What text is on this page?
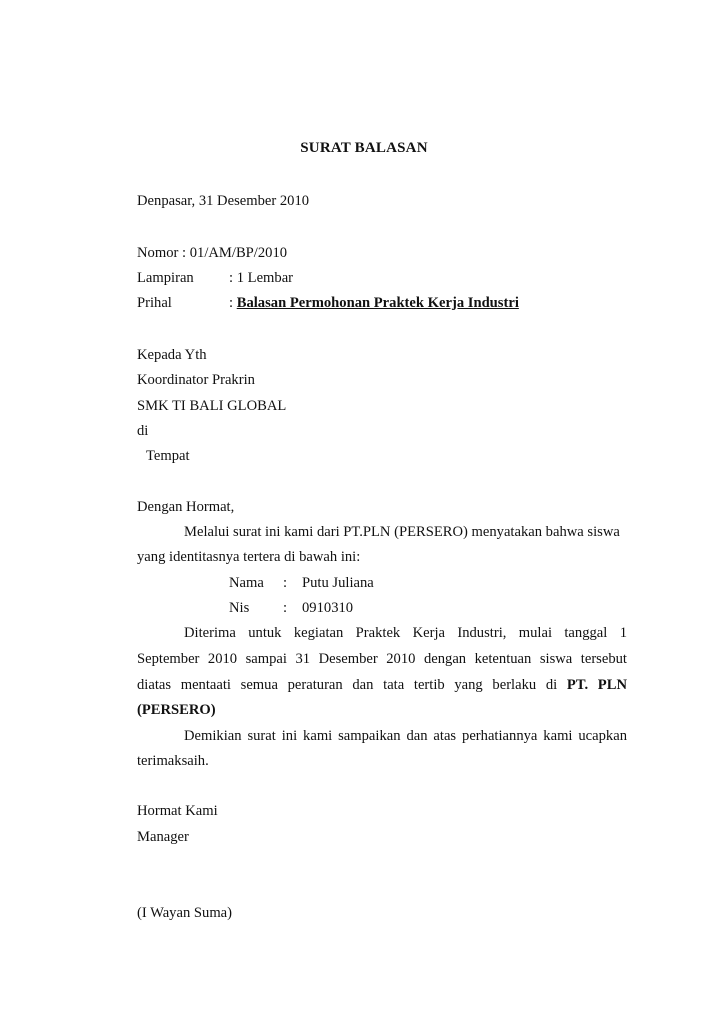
SURAT BALASAN
Denpasar, 31 Desember 2010
Nomor : 01/AM/BP/2010
Lampiran : 1 Lembar
Prihal	: Balasan Permohonan Praktek Kerja Industri
Kepada Yth
Koordinator Prakrin
SMK TI BALI GLOBAL
di
Tempat
Dengan Hormat,
Melalui surat ini kami dari PT.PLN (PERSERO) menyatakan bahwa siswa
yang identitasnya tertera di bawah ini:
Nama : Putu Juliana
Nis : 0910310
Diterima untuk kegiatan Praktek Kerja Industri, mulai tanggal 1
September 2010 sampai 31 Desember 2010 dengan ketentuan siswa tersebut
diatas mentaati semua peraturan dan tata tertib yang berlaku di PT. PLN
(PERSERO)
Demikian surat ini kami sampaikan dan atas perhatiannya kami ucapkan
terimaksaih.
Hormat Kami
Manager
(I Wayan Suma)
